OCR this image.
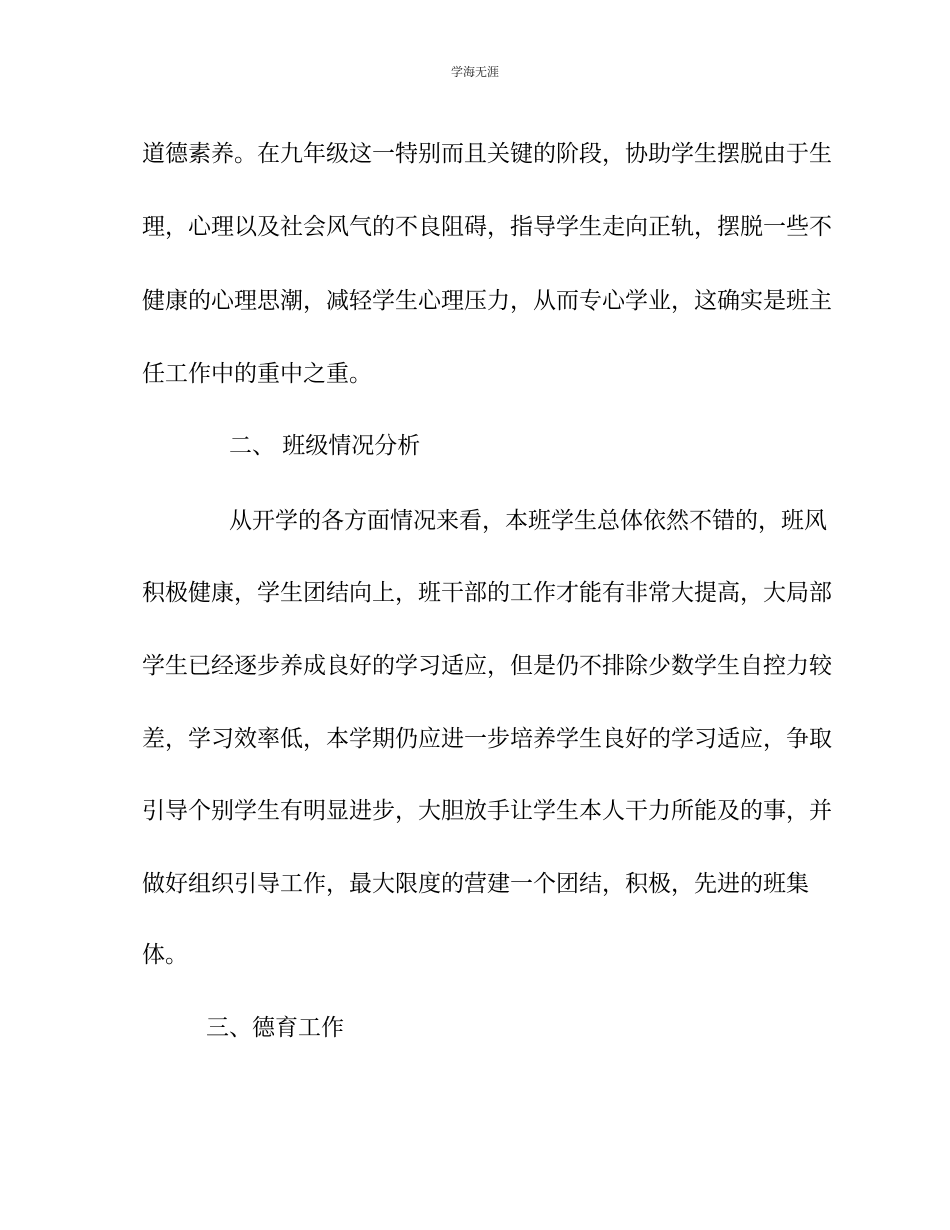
学海无涯
道德素养。在九年级这一特别而且关键的阶段，协助学生摆脱由于生
理，心理以及社会风气的不良阻碍，指导学生走向正轨，摆脱一些不
健康的心理思潮，减轻学生心理压力，从而专心学业，这确实是班主
任工作中的重中之重。
二、 班级情况分析
从开学的各方面情况来看，本班学生总体依然不错的，班风
积极健康，学生团结向上，班干部的工作才能有非常大提高，大局部
学生已经逐步养成良好的学习适应，但是仍不排除少数学生自控力较
差，学习效率低，本学期仍应进一步培养学生良好的学习适应，争取
引导个别学生有明显进步，大胆放手让学生本人干力所能及的事，并
做好组织引导工作，最大限度的营建一个团结，积极，先进的班集
体。
三、德育工作
